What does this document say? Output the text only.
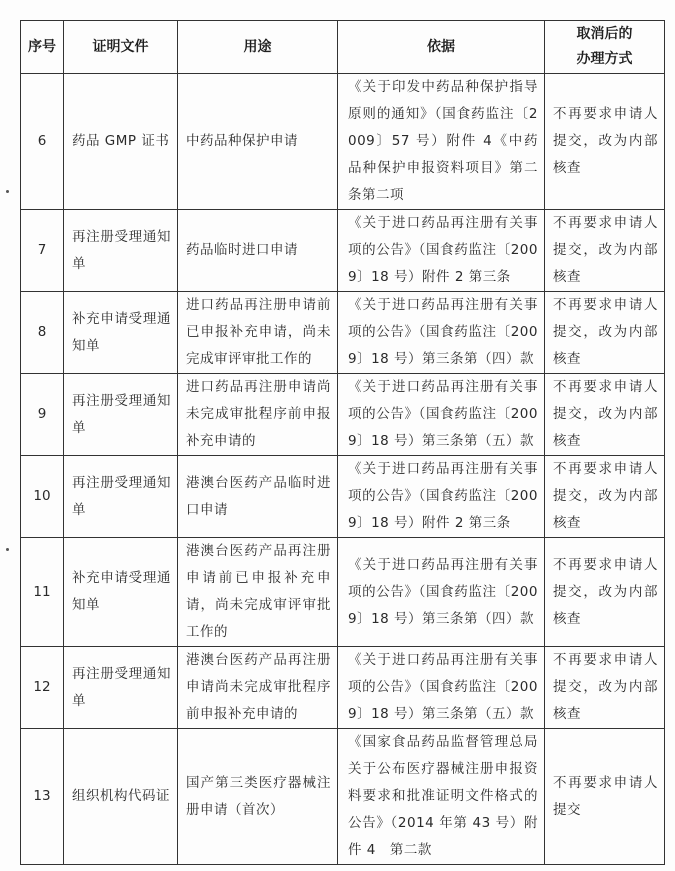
序号	证明文件	用途	依据	取消后的
办理方式

6	药品 GMP 证书	中药品种保护申请	《关于印发中药品种保护指导原则的通知》（国食药监注〔2009〕57 号）附件 4《中药品种保护申报资料项目》第二条第二项	不再要求申请人提交，改为内部核查

7	再注册受理通知单	药品临时进口申请	《关于进口药品再注册有关事项的公告》（国食药监注〔2009〕18 号）附件 2 第三条	不再要求申请人提交，改为内部核查

8	补充申请受理通知单	进口药品再注册申请前已申报补充申请，尚未完成审评审批工作的	《关于进口药品再注册有关事项的公告》（国食药监注〔2009〕18 号）第三条第（四）款	不再要求申请人提交，改为内部核查

9	再注册受理通知单	进口药品再注册申请尚未完成审批程序前申报补充申请的	《关于进口药品再注册有关事项的公告》（国食药监注〔2009〕18 号）第三条第（五）款	不再要求申请人提交，改为内部核查

10	再注册受理通知单	港澳台医药产品临时进口申请	《关于进口药品再注册有关事项的公告》（国食药监注〔2009〕18 号）附件 2 第三条	不再要求申请人提交，改为内部核查

11	补充申请受理通知单	港澳台医药产品再注册申请前已申报补充申请，尚未完成审评审批工作的	《关于进口药品再注册有关事项的公告》（国食药监注〔2009〕18 号）第三条第（四）款	不再要求申请人提交，改为内部核查

12	再注册受理通知单	港澳台医药产品再注册申请尚未完成审批程序前申报补充申请的	《关于进口药品再注册有关事项的公告》（国食药监注〔2009〕18 号）第三条第（五）款	不再要求申请人提交，改为内部核查

13	组织机构代码证	国产第三类医疗器械注册申请（首次）	《国家食品药品监督管理总局关于公布医疗器械注册申报资料要求和批准证明文件格式的公告》（2014 年第 43 号）附件 4　第二款	不再要求申请人提交
